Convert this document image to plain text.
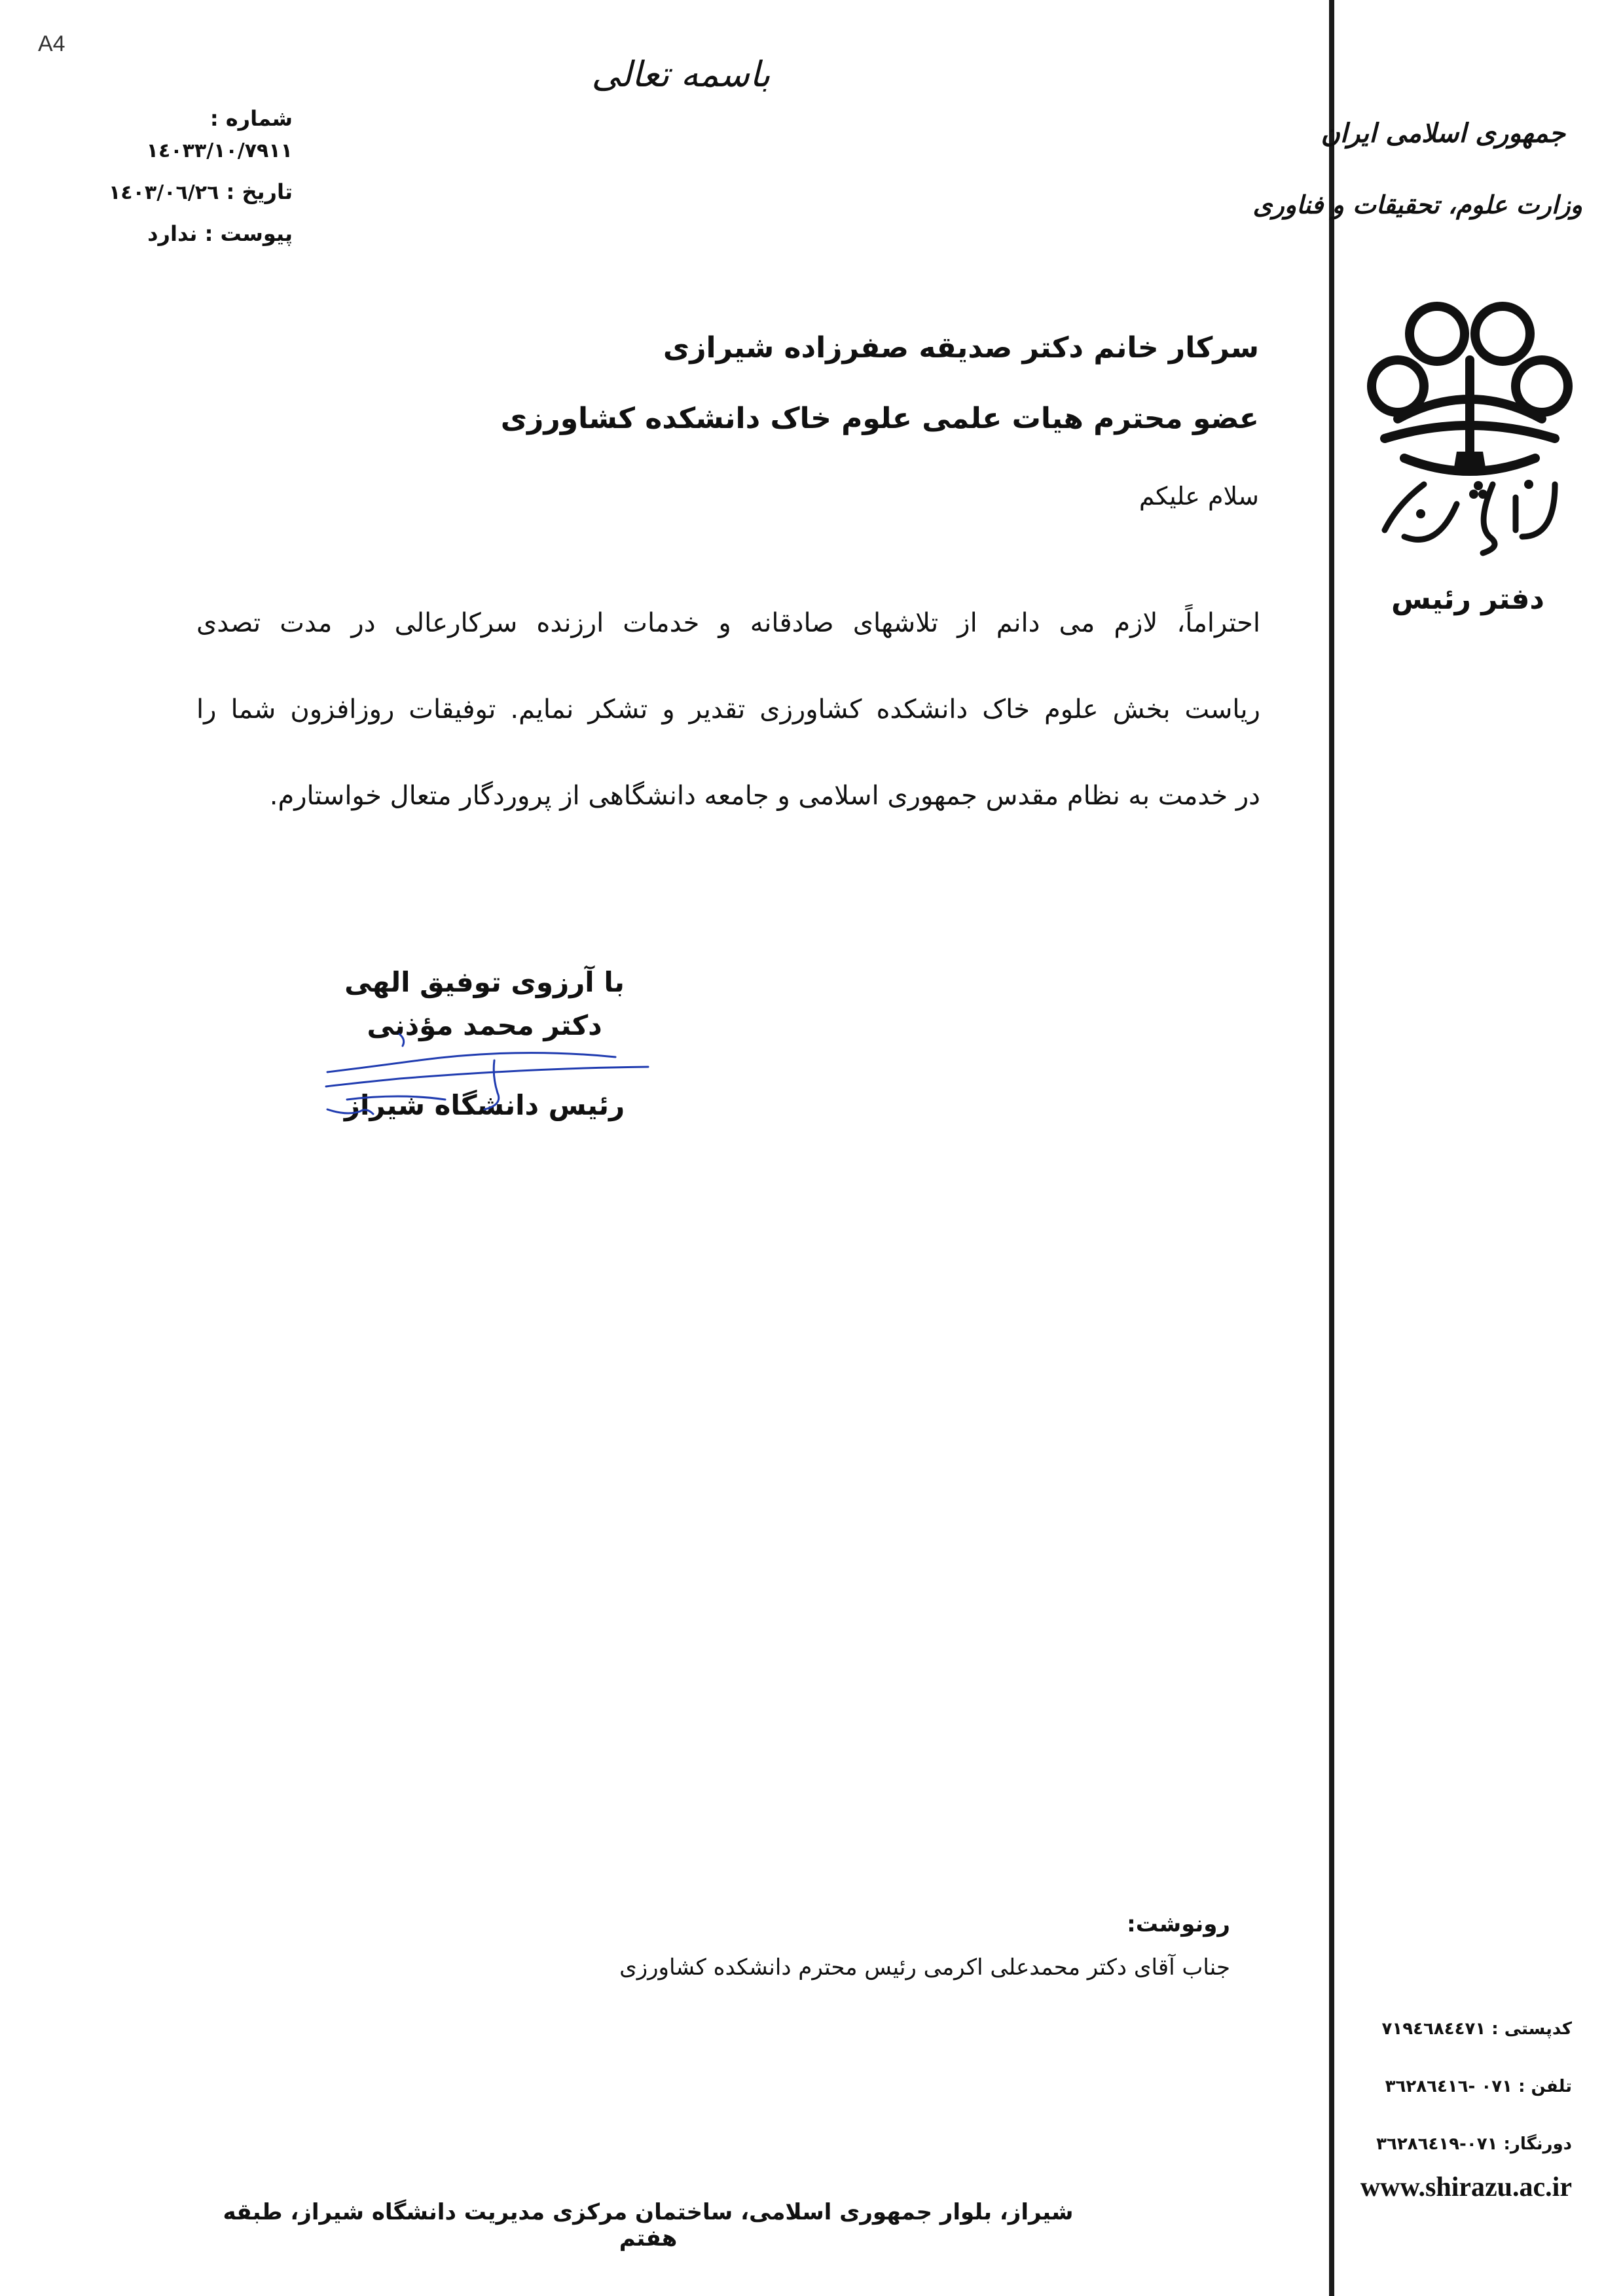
A4
باسمه تعالی
شماره :
۱٤۰۳۳/۱۰/۷۹۱۱
تاریخ : ۱٤۰۳/۰٦/۲٦
پیوست : ندارد
جمهوری اسلامی ایران
وزارت علوم، تحقیقات و فناوری
دفتر رئیس
سرکار خانم دکتر صدیقه صفرزاده شیرازی
عضو محترم هیات علمی علوم خاک دانشکده کشاورزی
سلام علیکم

احتراماً، لازم می دانم از تلاشهای صادقانه و خدمات ارزنده سرکارعالی در مدت تصدی

ریاست بخش علوم خاک دانشکده کشاورزی تقدیر و تشکر نمایم. توفیقات روزافزون شما را

در خدمت به نظام مقدس جمهوری اسلامی و جامعه دانشگاهی از پروردگار متعال خواستارم.

با آرزوی توفیق الهی
دکتر محمد مؤذنی
رئیس دانشگاه شیراز
رونوشت:
جناب آقای دکتر محمدعلی اکرمی رئیس محترم دانشکده کشاورزی
کدپستی : ۷۱۹٤٦۸٤٤۷۱
تلفن : ۰۷۱ -۳٦۲۸٦٤۱٦
دورنگار: ۰۷۱-۳٦۲۸٦٤۱۹
www.shirazu.ac.ir
شیراز، بلوار جمهوری اسلامی، ساختمان مرکزی مدیریت دانشگاه شیراز، طبقه هفتم
